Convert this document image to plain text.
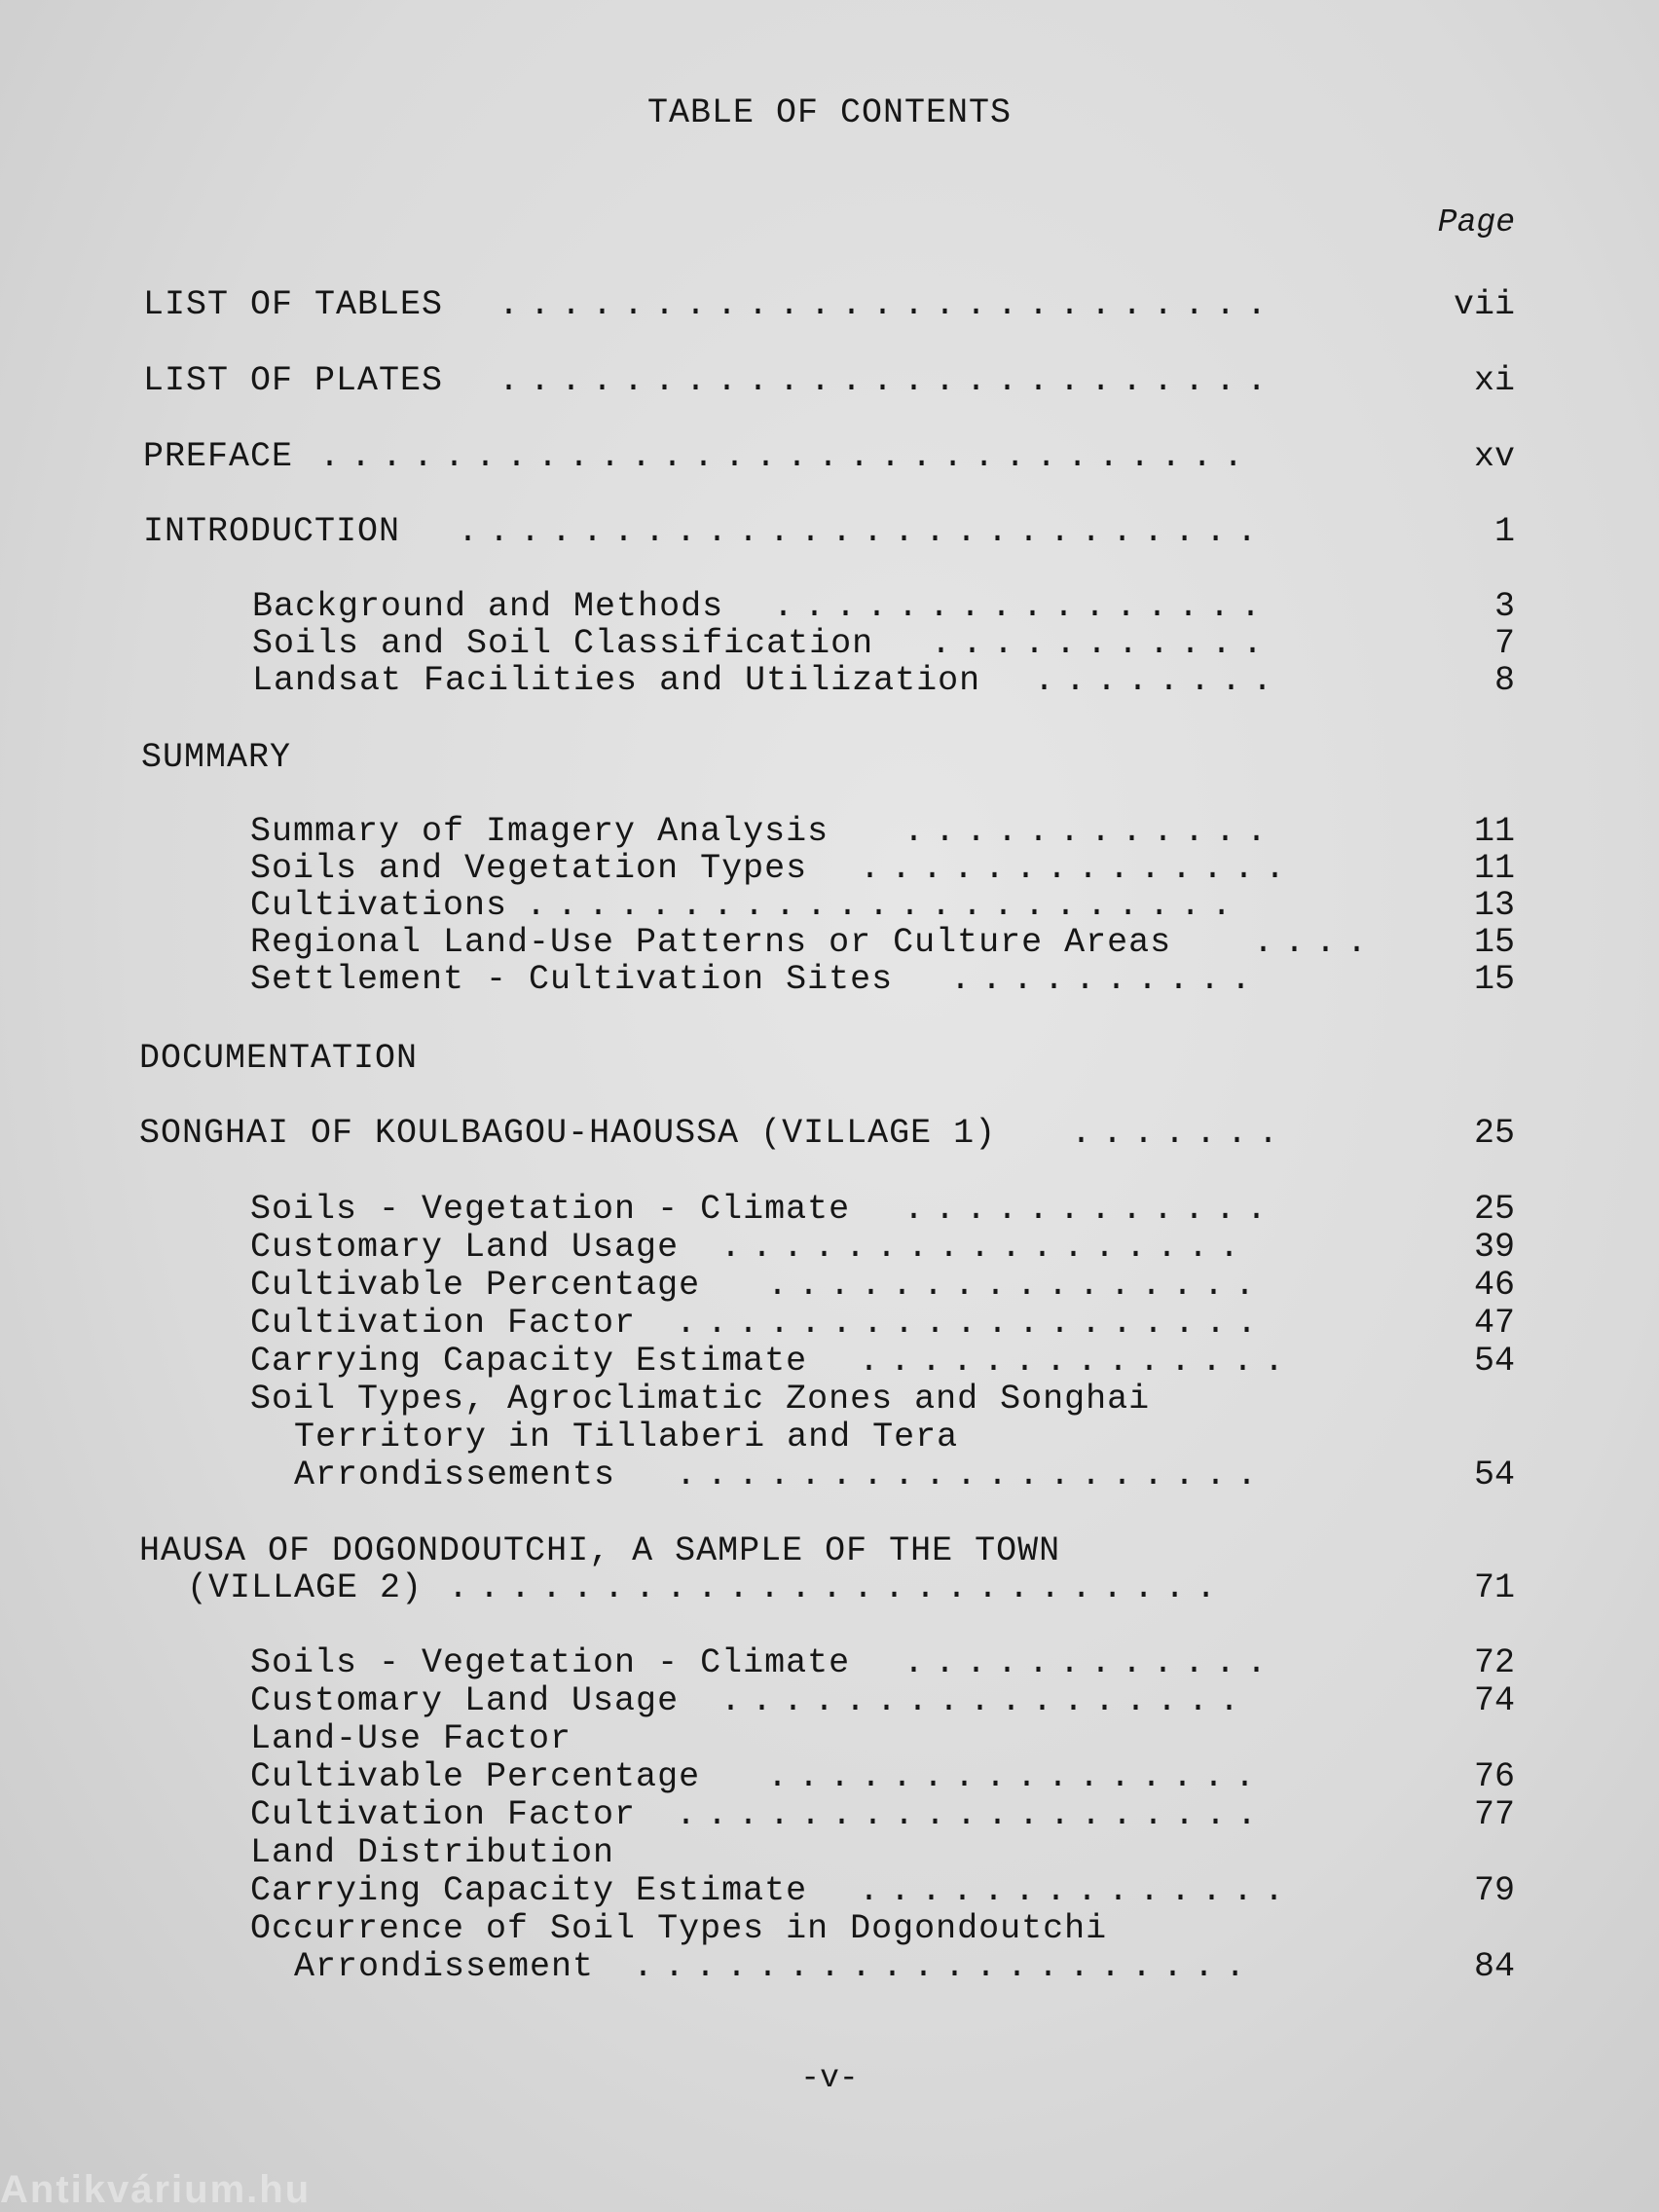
TABLE OF CONTENTS
Page
LIST OF TABLES .........................	vii
LIST OF PLATES .........................	xi
PREFACE ..............................	xv
INTRODUCTION ..........................	1
Background and Methods ................	3
Soils and Soil Classification ...........	7
Landsat Facilities and Utilization ........	8
SUMMARY
Summary of Imagery Analysis ............	11
Soils and Vegetation Types ..............	11
Cultivations .......................	13
Regional Land-Use Patterns or Culture Areas ....	15
Settlement - Cultivation Sites ..........	15
DOCUMENTATION
SONGHAI OF KOULBAGOU-HAOUSSA (VILLAGE 1) .......	25
Soils - Vegetation - Climate ............	25
Customary Land Usage .................	39
Cultivable Percentage ................	46
Cultivation Factor ...................	47
Carrying Capacity Estimate ..............	54
Soil Types, Agroclimatic Zones and Songhai
Territory in Tillaberi and Tera
Arrondissements ...................	54
HAUSA OF DOGONDOUTCHI, A SAMPLE OF THE TOWN
(VILLAGE 2) .........................	71
Soils - Vegetation - Climate ............	72
Customary Land Usage .................	74
Land-Use Factor
Cultivable Percentage ................	76
Cultivation Factor ...................	77
Land Distribution
Carrying Capacity Estimate ..............	79
Occurrence of Soil Types in Dogondoutchi
Arrondissement ....................	84
-v-
Antikvárium.hu
